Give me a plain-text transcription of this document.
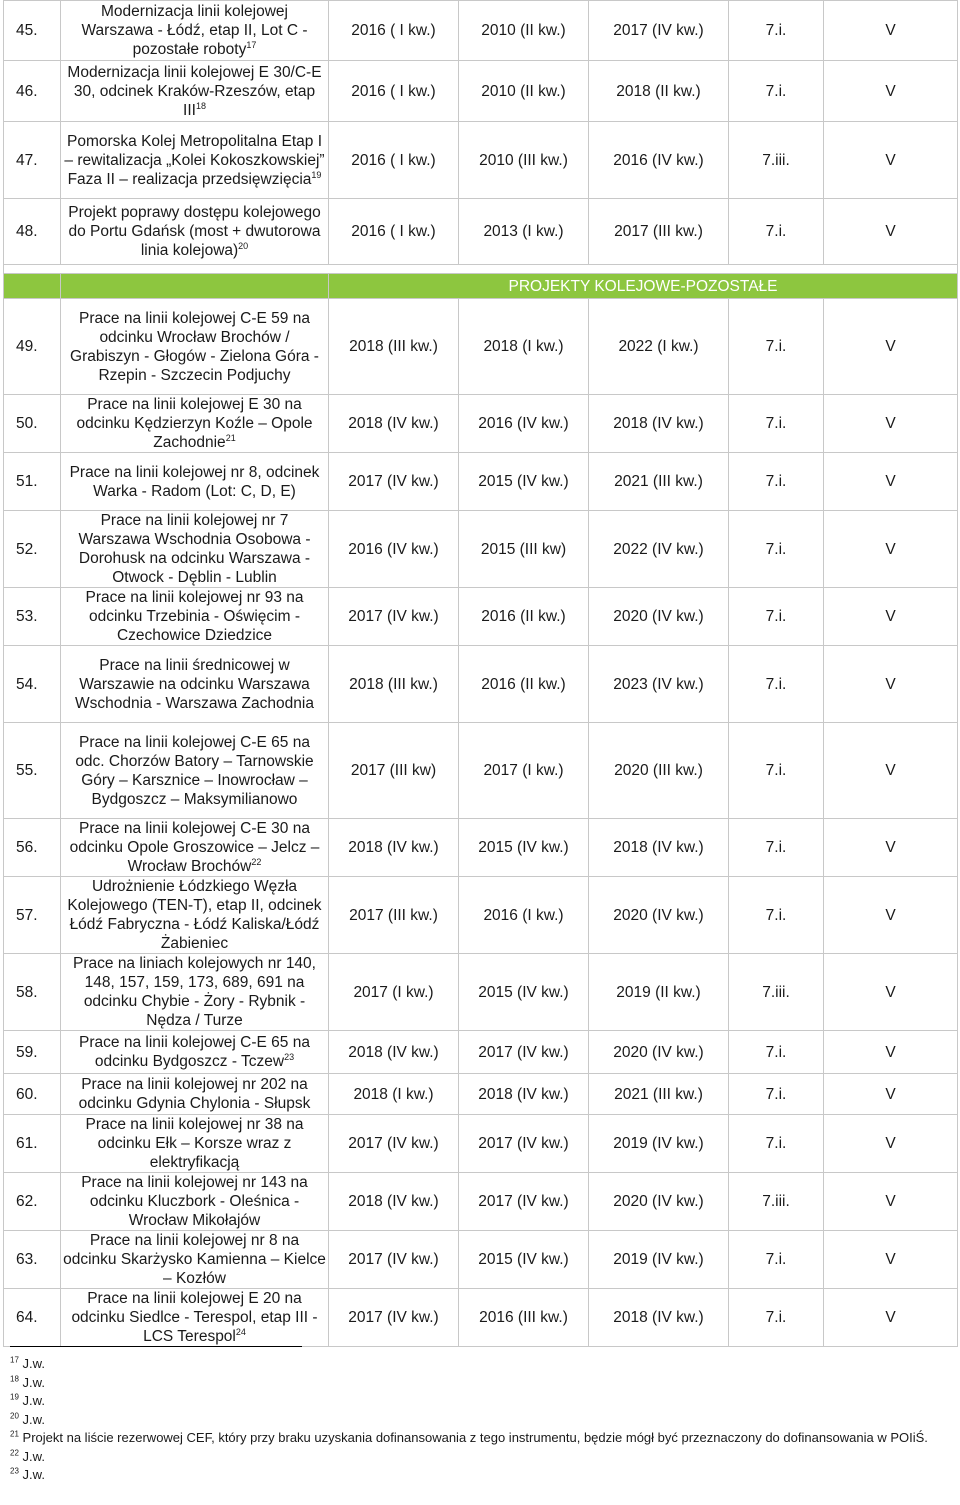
45.	Modernizacja linii kolejowej Warszawa - Łódź, etap II, Lot C - pozostałe roboty$^{17}$	2016 ( I kw.)	2010 (II kw.)	2017 (IV kw.)	7.i.	V
46.	Modernizacja linii kolejowej E 30/C-E 30, odcinek Kraków-Rzeszów, etap III$^{18}$	2016 ( I kw.)	2010 (II kw.)	2018 (II kw.)	7.i.	V
47.	Pomorska Kolej Metropolitalna Etap I – rewitalizacja „Kolei Kokoszkowskiej” Faza II – realizacja przedsięwzięcia$^{19}$	2016 ( I kw.)	2010 (III kw.)	2016 (IV kw.)	7.iii.	V
48.	Projekt poprawy dostępu kolejowego do Portu Gdańsk (most + dwutorowa linia kolejowa)$^{20}$	2016 ( I kw.)	2013 (I kw.)	2017 (III kw.)	7.i.	V

		PROJEKTY KOLEJOWE-POZOSTAŁE				
49.	Prace na linii kolejowej C-E 59 na odcinku Wrocław Brochów / Grabiszyn - Głogów - Zielona Góra - Rzepin - Szczecin Podjuchy	2018 (III kw.)	2018 (I kw.)	2022 (I kw.)	7.i.	V
50.	Prace na linii kolejowej E 30 na odcinku Kędzierzyn Koźle – Opole Zachodnie$^{21}$	2018 (IV kw.)	2016 (IV kw.)	2018 (IV kw.)	7.i.	V
51.	Prace na linii kolejowej nr 8, odcinek Warka - Radom (Lot: C, D, E)	2017 (IV kw.)	2015 (IV kw.)	2021 (III kw.)	7.i.	V
52.	Prace na linii kolejowej nr 7 Warszawa Wschodnia Osobowa - Dorohusk na odcinku Warszawa - Otwock - Dęblin - Lublin	2016 (IV kw.)	2015 (III kw)	2022 (IV kw.)	7.i.	V
53.	Prace na linii kolejowej nr 93 na odcinku Trzebinia - Oświęcim - Czechowice Dziedzice	2017 (IV kw.)	2016 (II kw.)	2020 (IV kw.)	7.i.	V
54.	Prace na linii średnicowej w Warszawie na odcinku Warszawa Wschodnia - Warszawa Zachodnia	2018 (III kw.)	2016 (II kw.)	2023 (IV kw.)	7.i.	V
55.	Prace na linii kolejowej C-E 65 na odc. Chorzów Batory – Tarnowskie Góry – Karsznice – Inowrocław – Bydgoszcz – Maksymilianowo	2017 (III kw)	2017 (I kw.)	2020 (III kw.)	7.i.	V
56.	Prace na linii kolejowej C-E 30 na odcinku Opole Groszowice – Jelcz – Wrocław Brochów$^{22}$	2018 (IV kw.)	2015 (IV kw.)	2018 (IV kw.)	7.i.	V
57.	Udrożnienie Łódzkiego Węzła Kolejowego (TEN-T), etap II, odcinek Łódź Fabryczna - Łódź Kaliska/Łódź Żabieniec	2017 (III kw.)	2016 (I kw.)	2020 (IV kw.)	7.i.	V
58.	Prace na liniach kolejowych nr 140, 148, 157, 159, 173, 689, 691 na odcinku Chybie - Żory - Rybnik - Nędza / Turze	2017 (I kw.)	2015 (IV kw.)	2019 (II kw.)	7.iii.	V
59.	Prace na linii kolejowej C-E 65 na odcinku Bydgoszcz - Tczew$^{23}$	2018 (IV kw.)	2017 (IV kw.)	2020 (IV kw.)	7.i.	V
60.	Prace na linii kolejowej nr 202 na odcinku Gdynia Chylonia - Słupsk	2018 (I kw.)	2018 (IV kw.)	2021 (III kw.)	7.i.	V
61.	Prace na linii kolejowej nr 38 na odcinku Ełk – Korsze wraz z elektryfikacją	2017 (IV kw.)	2017 (IV kw.)	2019 (IV kw.)	7.i.	V
62.	Prace na linii kolejowej nr 143 na odcinku Kluczbork - Oleśnica - Wrocław Mikołajów	2018 (IV kw.)	2017 (IV kw.)	2020 (IV kw.)	7.iii.	V
63.	Prace na linii kolejowej nr 8 na odcinku Skarżysko Kamienna – Kielce – Kozłów	2017 (IV kw.)	2015 (IV kw.)	2019 (IV kw.)	7.i.	V
64.	Prace na linii kolejowej E 20 na odcinku Siedlce - Terespol, etap III - LCS Terespol$^{24}$	2017 (IV kw.)	2016 (III kw.)	2018 (IV kw.)	7.i.	V
$^{17}$ J.w.
$^{18}$ J.w.
$^{19}$ J.w.
$^{20}$ J.w.
$^{21}$ Projekt na liście rezerwowej CEF, który przy braku uzyskania dofinansowania z tego instrumentu, będzie mógł być przeznaczony do dofinansowania w POIiŚ.
$^{22}$ J.w.
$^{23}$ J.w.
